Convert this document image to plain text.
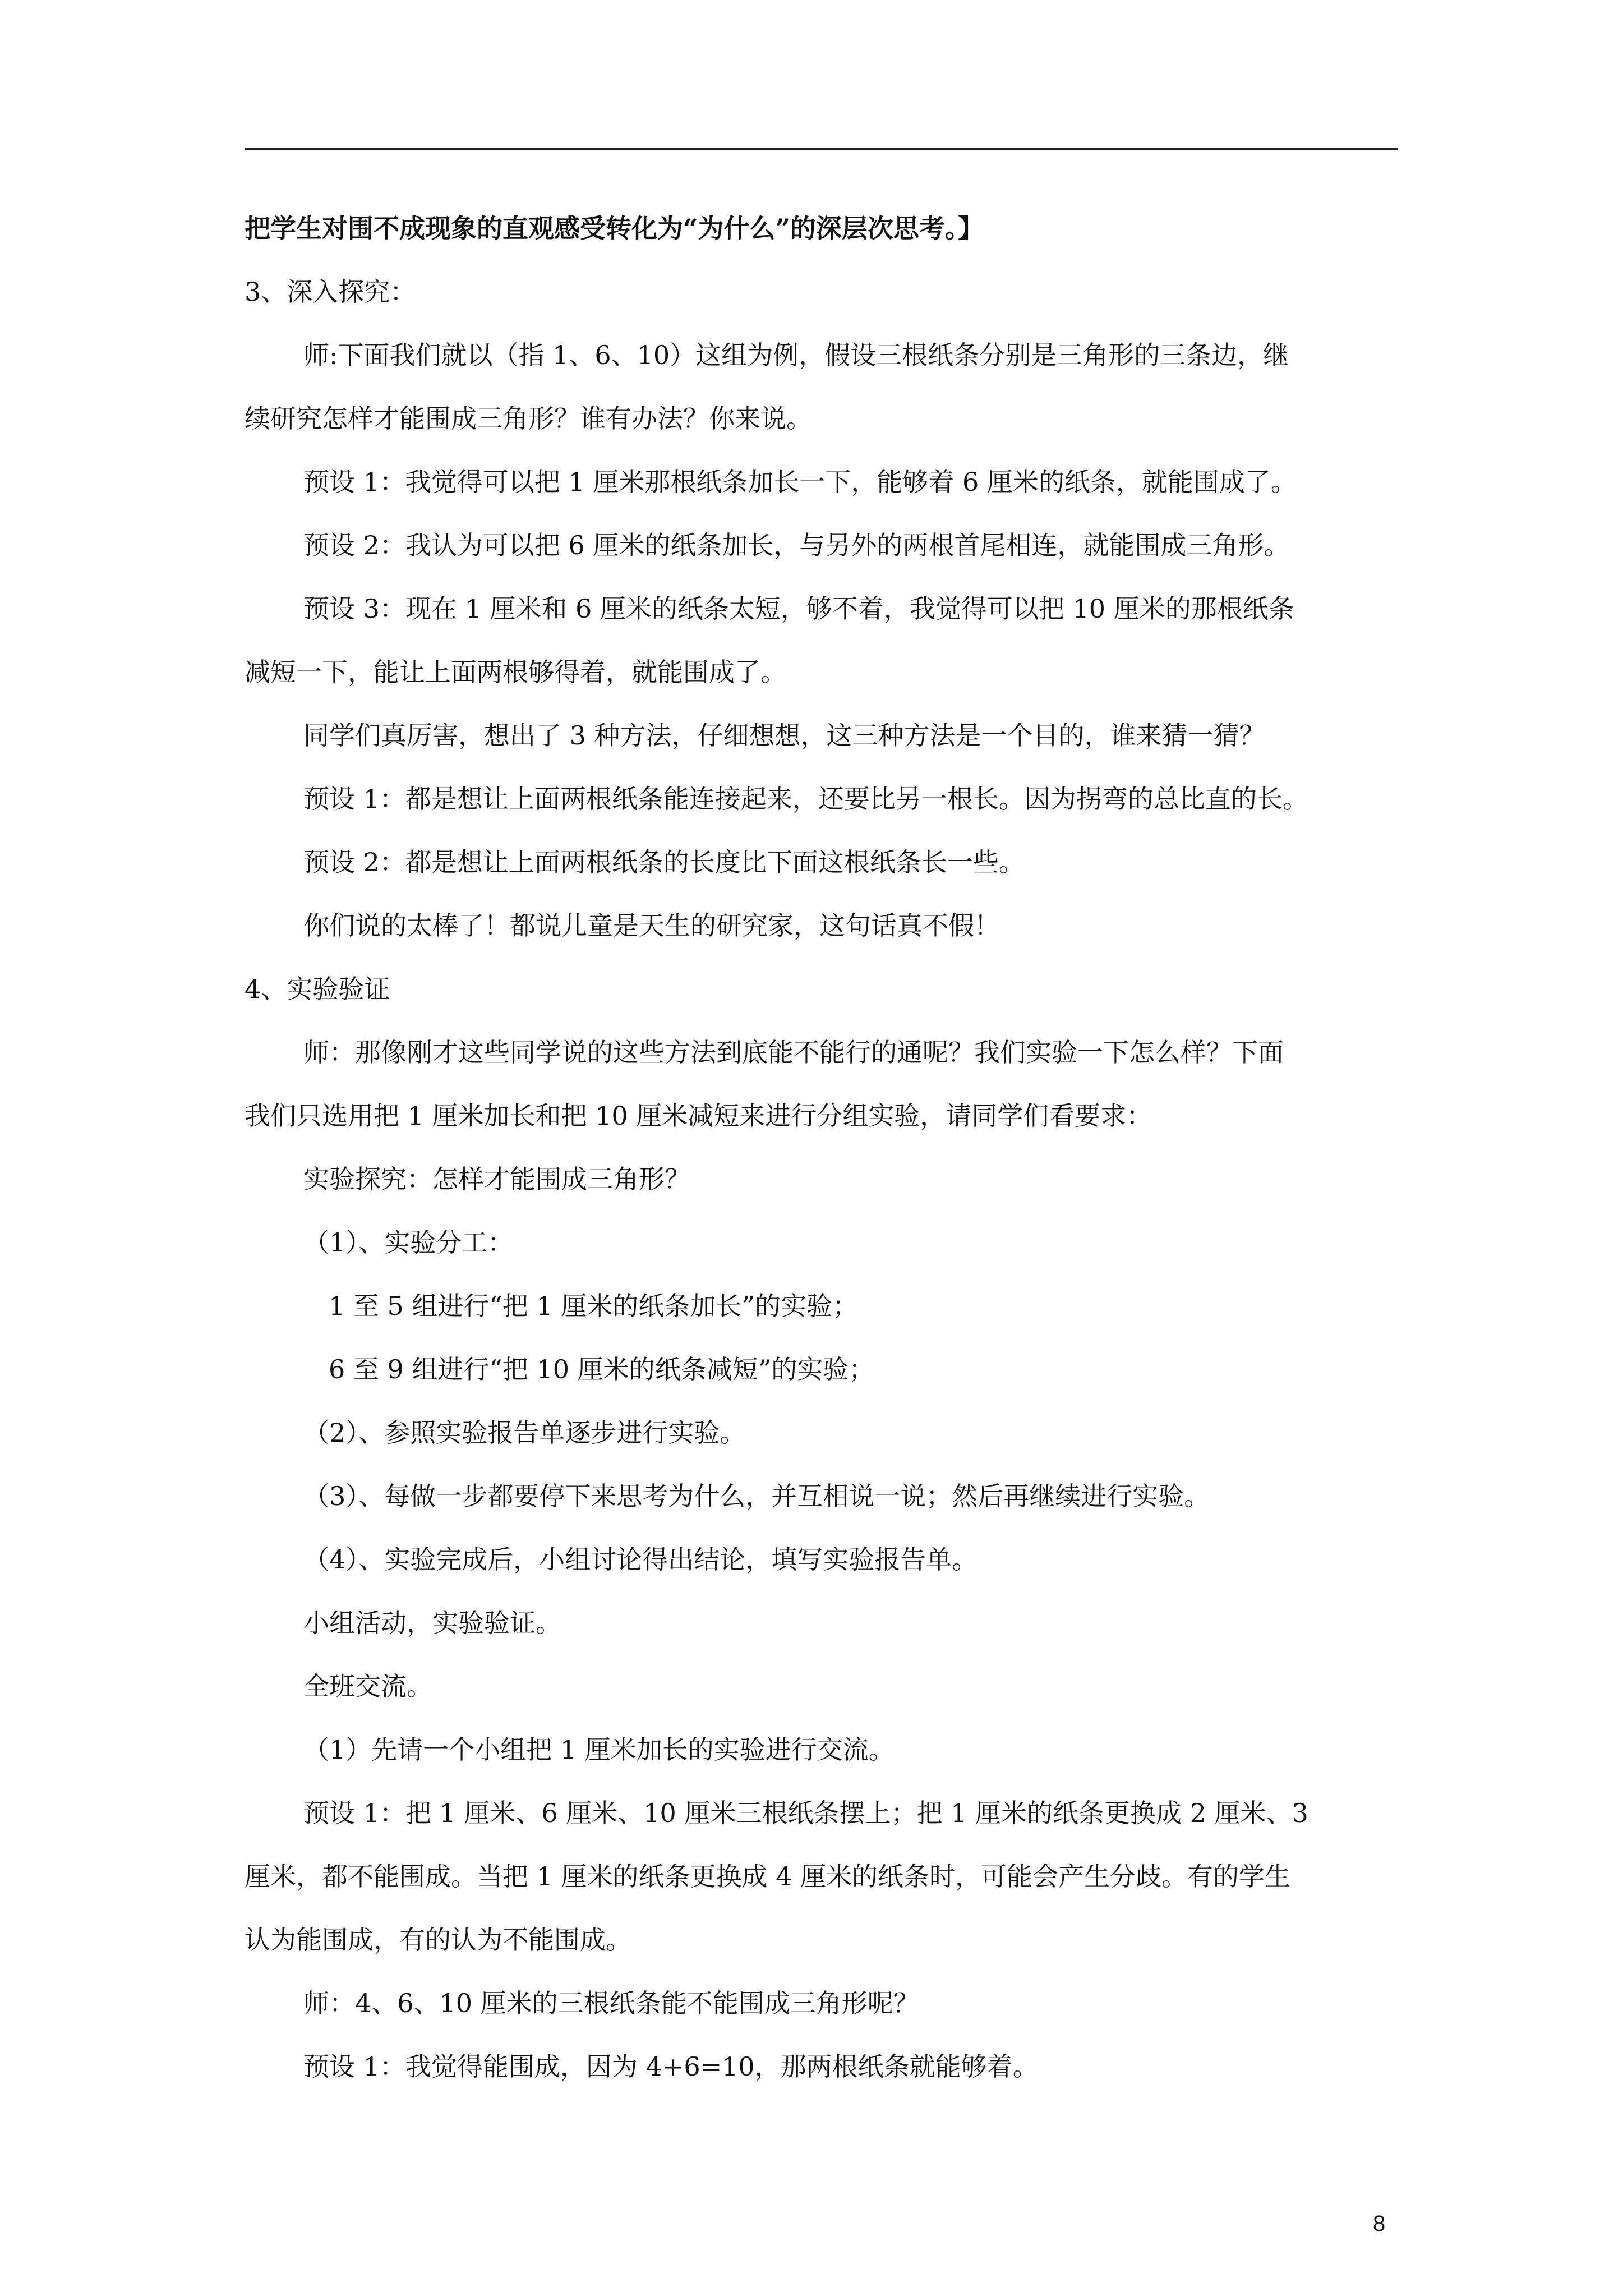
把学生对围不成现象的直观感受转化为“为什么”的深层次思考。】
3、深入探究：
师:下面我们就以（指 1、6、10）这组为例，假设三根纸条分别是三角形的三条边，继
续研究怎样才能围成三角形？谁有办法？你来说。
预设 1：我觉得可以把 1 厘米那根纸条加长一下，能够着 6 厘米的纸条，就能围成了。
预设 2：我认为可以把 6 厘米的纸条加长，与另外的两根首尾相连，就能围成三角形。
预设 3：现在 1 厘米和 6 厘米的纸条太短，够不着，我觉得可以把 10 厘米的那根纸条
减短一下，能让上面两根够得着，就能围成了。
同学们真厉害，想出了 3 种方法，仔细想想，这三种方法是一个目的，谁来猜一猜？
预设 1：都是想让上面两根纸条能连接起来，还要比另一根长。因为拐弯的总比直的长。
预设 2：都是想让上面两根纸条的长度比下面这根纸条长一些。
你们说的太棒了！都说儿童是天生的研究家，这句话真不假！
4、实验验证
师：那像刚才这些同学说的这些方法到底能不能行的通呢？我们实验一下怎么样？下面
我们只选用把 1 厘米加长和把 10 厘米减短来进行分组实验，请同学们看要求：
实验探究：怎样才能围成三角形？
（1）、实验分工：
1 至 5 组进行“把 1 厘米的纸条加长”的实验；
6 至 9 组进行“把 10 厘米的纸条减短”的实验；
（2）、参照实验报告单逐步进行实验。
（3）、每做一步都要停下来思考为什么，并互相说一说；然后再继续进行实验。
（4）、实验完成后，小组讨论得出结论，填写实验报告单。
小组活动，实验验证。
全班交流。
（1）先请一个小组把 1 厘米加长的实验进行交流。
预设 1：把 1 厘米、6 厘米、10 厘米三根纸条摆上；把 1 厘米的纸条更换成 2 厘米、3
厘米，都不能围成。当把 1 厘米的纸条更换成 4 厘米的纸条时，可能会产生分歧。有的学生
认为能围成，有的认为不能围成。
师：4、6、10 厘米的三根纸条能不能围成三角形呢？
预设 1：我觉得能围成，因为 4+6=10，那两根纸条就能够着。
8
